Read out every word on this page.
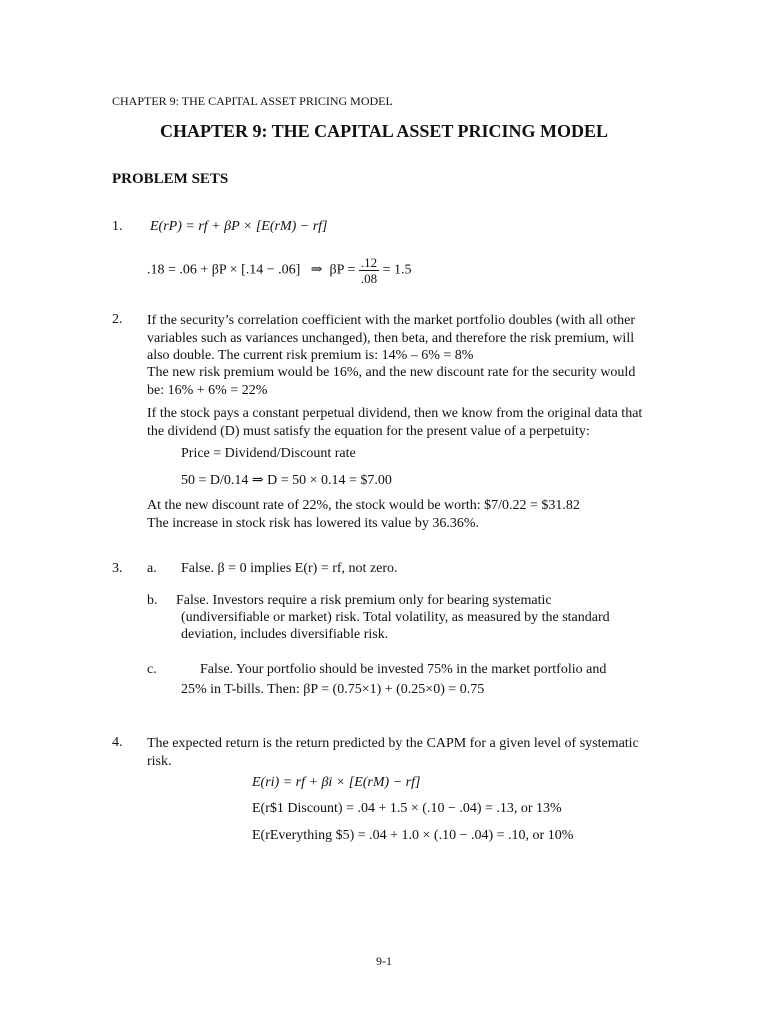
CHAPTER 9: THE CAPITAL ASSET PRICING MODEL
CHAPTER 9: THE CAPITAL ASSET PRICING MODEL
PROBLEM SETS
1. E(rP) = rf + βP × [E(rM) − rf]
.18 = .06 + βP × [.14 − .06] ⇒ $\beta P = \frac{.12}{.08} = 1.5$
2. If the security’s correlation coefficient with the market portfolio doubles (with all other variables such as variances unchanged), then beta, and therefore the risk premium, will also double. The current risk premium is: 14% – 6% = 8%
The new risk premium would be 16%, and the new discount rate for the security would be: 16% + 6% = 22%
If the stock pays a constant perpetual dividend, then we know from the original data that the dividend (D) must satisfy the equation for the present value of a perpetuity:
Price = Dividend/Discount rate
50 = D/0.14 ⇒ D = 50 × 0.14 = $7.00
At the new discount rate of 22%, the stock would be worth: $7/0.22 = $31.82
The increase in stock risk has lowered its value by 36.36%.
3. a. False. β = 0 implies E(r) = rf, not zero.
b. False. Investors require a risk premium only for bearing systematic
(undiversifiable or market) risk. Total volatility, as measured by the standard
deviation, includes diversifiable risk.
c.	False. Your portfolio should be invested 75% in the market portfolio and
25% in T-bills. Then: βP = (0.75×1) + (0.25×0) = 0.75
4. The expected return is the return predicted by the CAPM for a given level of systematic risk.
E(ri) = rf + βi × [E(rM) − rf]
E(r$1 Discount) = .04 + 1.5 × (.10 − .04) = .13, or 13%
E(rEverything $5) = .04 + 1.0 × (.10 − .04) = .10, or 10%
9-1
